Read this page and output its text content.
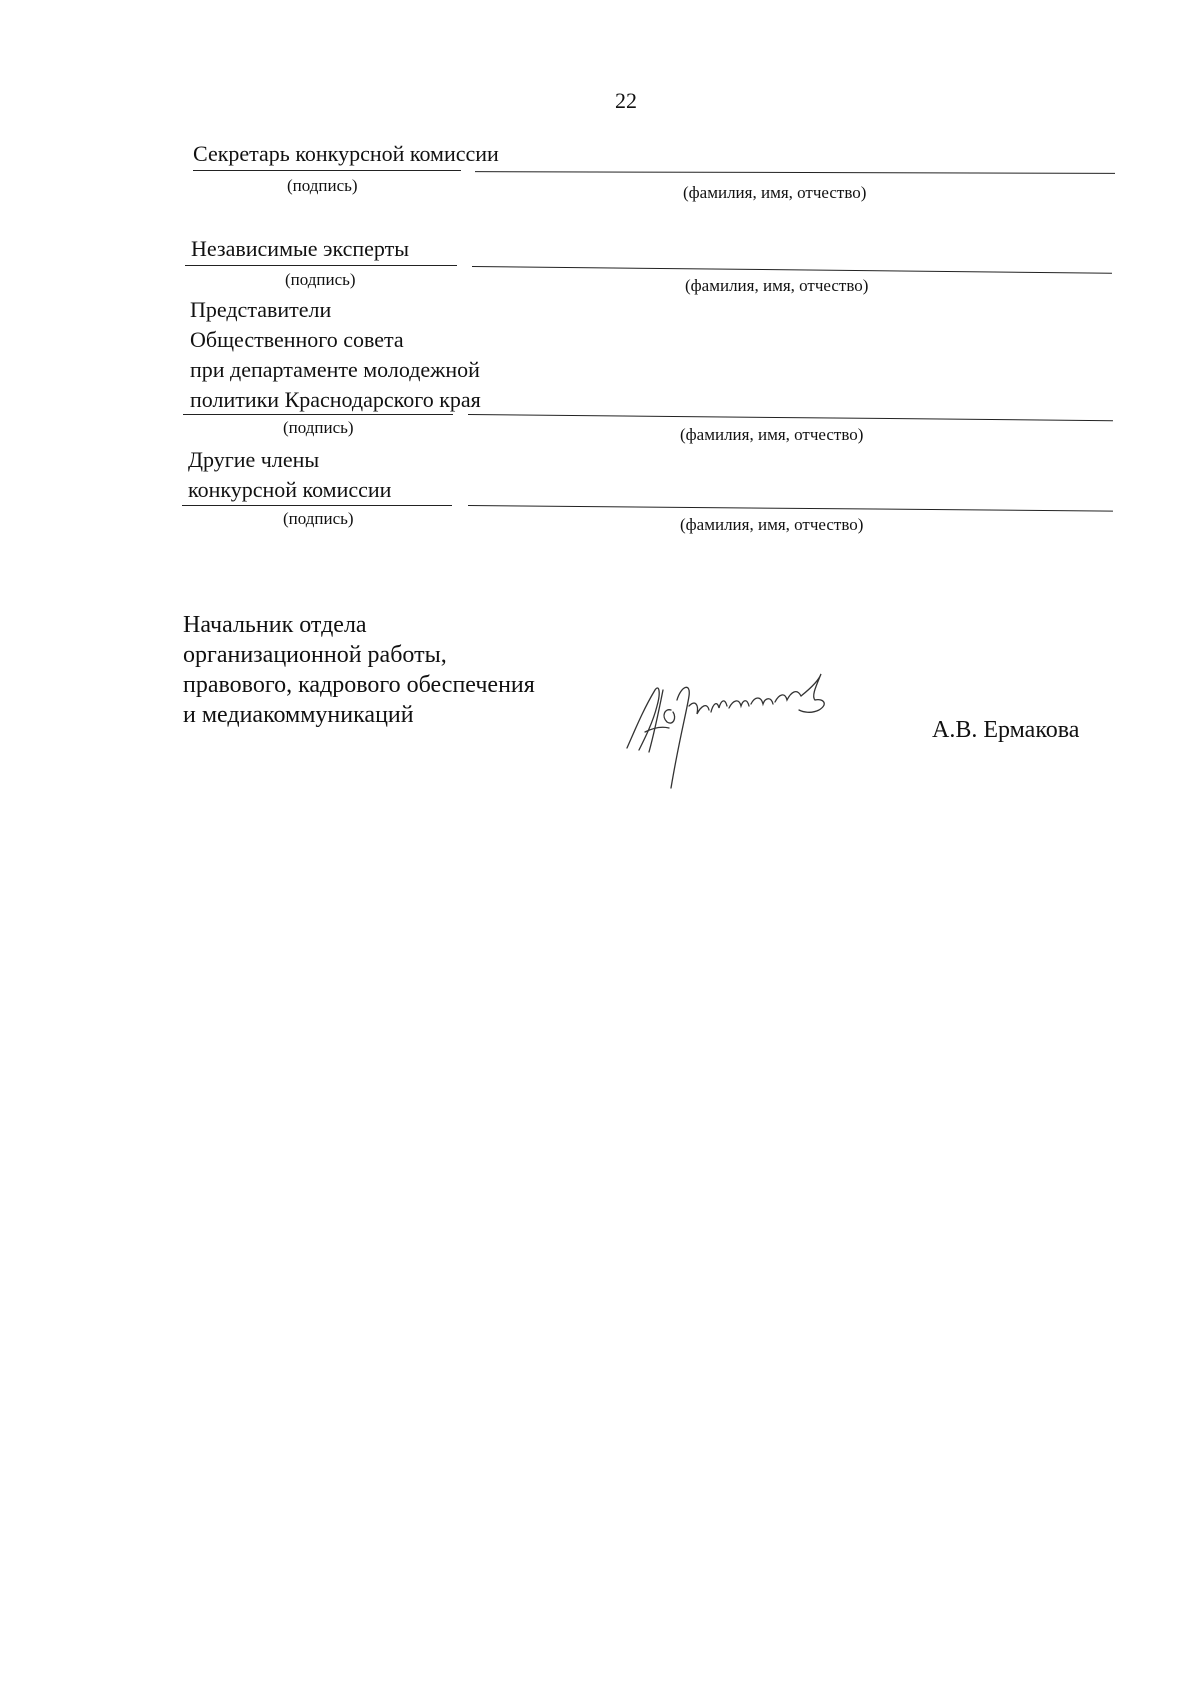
22
Секретарь конкурсной комиссии
(подпись)	(фамилия, имя, отчество)
Независимые эксперты
(подпись)	(фамилия, имя, отчество)
Представители
Общественного совета
при департаменте молодежной
политики Краснодарского края
(подпись)	(фамилия, имя, отчество)
Другие члены
конкурсной комиссии
(подпись)	(фамилия, имя, отчество)
Начальник отдела
организационной работы,
правового, кадрового обеспечения
и медиакоммуникаций
А.В. Ермакова
